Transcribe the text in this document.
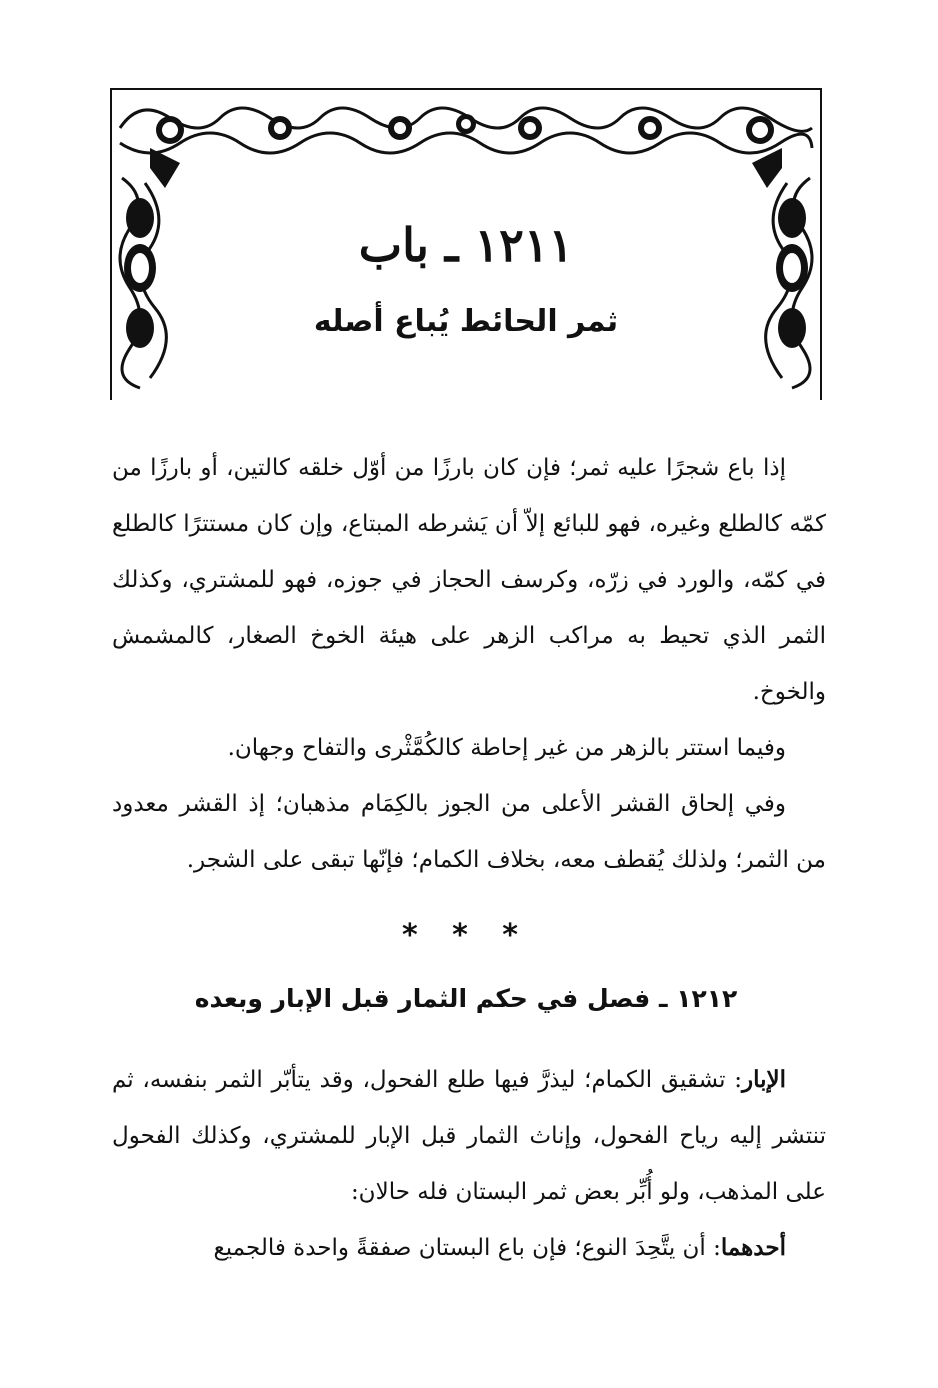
١٢١١ ـ باب
ثمر الحائط يُباع أصله

إذا باع شجرًا عليه ثمر؛ فإن كان بارزًا من أوّل خلقه كالتين، أو بارزًا من كمّه كالطلع وغيره، فهو للبائع إلاّ أن يَشرطه المبتاع، وإن كان مستترًا كالطلع في كمّه، والورد في زرّه، وكرسف الحجاز في جوزه، فهو للمشتري، وكذلك الثمر الذي تحيط به مراكب الزهر على هيئة الخوخ الصغار، كالمشمش والخوخ.

وفيما استتر بالزهر من غير إحاطة كالكُمَّثْرى والتفاح وجهان.

وفي إلحاق القشر الأعلى من الجوز بالكِمَام مذهبان؛ إذ القشر معدود من الثمر؛ ولذلك يُقطف معه، بخلاف الكمام؛ فإنّها تبقى على الشجر.

* * *
١٢١٢ ـ فصل في حكم الثمار قبل الإبار وبعده

الإبار: تشقيق الكمام؛ ليذرَّ فيها طلع الفحول، وقد يتأبّر الثمر بنفسه، ثم تنتشر إليه رياح الفحول، وإناث الثمار قبل الإبار للمشتري، وكذلك الفحول على المذهب، ولو أُبِّر بعض ثمر البستان فله حالان:

أحدهما: أن يتَّحِدَ النوع؛ فإن باع البستان صفقةً واحدة فالجميع
